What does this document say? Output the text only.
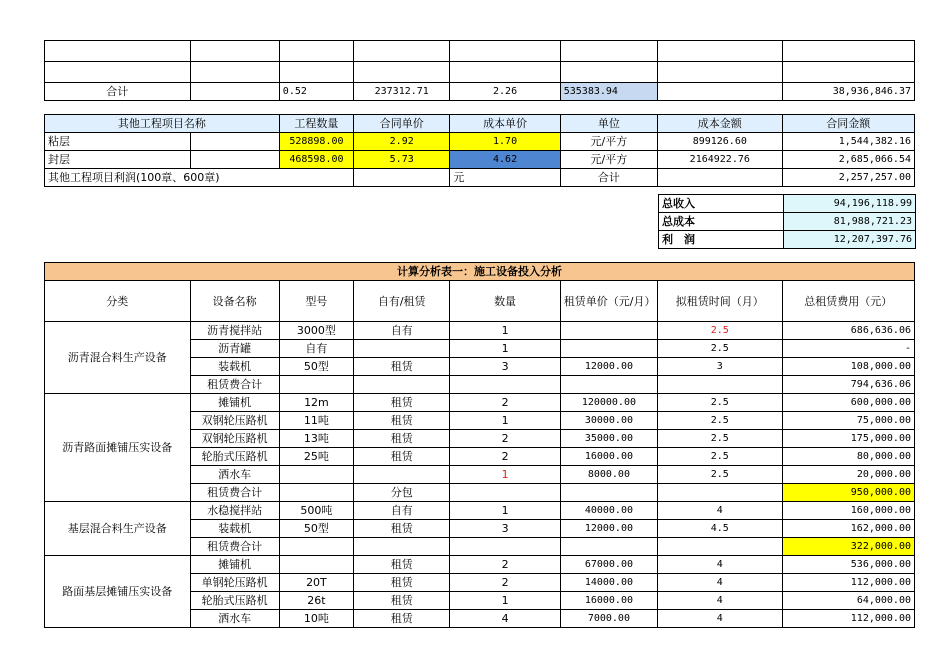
合计		0.52	237312.71	2.26	535383.94		38,936,846.37
其他工程项目名称		工程数量	合同单价	成本单价	单位	成本金额	合同金额
粘层		528898.00	2.92	1.70	元/平方	899126.60	1,544,382.16
封层		468598.00	5.73	4.62	元/平方	2164922.76	2,685,066.54
其他工程项目利润(100章、600章)				元	合计		2,257,257.00
总收入	94,196,118.99
总成本	81,988,721.23
利　润	12,207,397.76
计算分析表一：施工设备投入分析							
分类	设备名称	型号	自有/租赁	数量	租赁单价（元/月）	拟租赁时间（月）	总租赁费用（元）
沥青混合料生产设备	沥青搅拌站	3000型	自有	1		2.5	686,636.06
	沥青罐	自有		1		2.5	-
	装载机	50型	租赁	3	12000.00	3	108,000.00
	租赁费合计						794,636.06
沥青路面摊铺压实设备	摊铺机	12m	租赁	2	120000.00	2.5	600,000.00
	双钢轮压路机	11吨	租赁	1	30000.00	2.5	75,000.00
	双钢轮压路机	13吨	租赁	2	35000.00	2.5	175,000.00
	轮胎式压路机	25吨	租赁	2	16000.00	2.5	80,000.00
	洒水车			1	8000.00	2.5	20,000.00
	租赁费合计		分包				950,000.00
基层混合料生产设备	水稳搅拌站	500吨	自有	1	40000.00	4	160,000.00
	装载机	50型	租赁	3	12000.00	4.5	162,000.00
	租赁费合计						322,000.00
路面基层摊铺压实设备	摊铺机		租赁	2	67000.00	4	536,000.00
	单钢轮压路机	20T	租赁	2	14000.00	4	112,000.00
	轮胎式压路机	26t	租赁	1	16000.00	4	64,000.00
	洒水车	10吨	租赁	4	7000.00	4	112,000.00
